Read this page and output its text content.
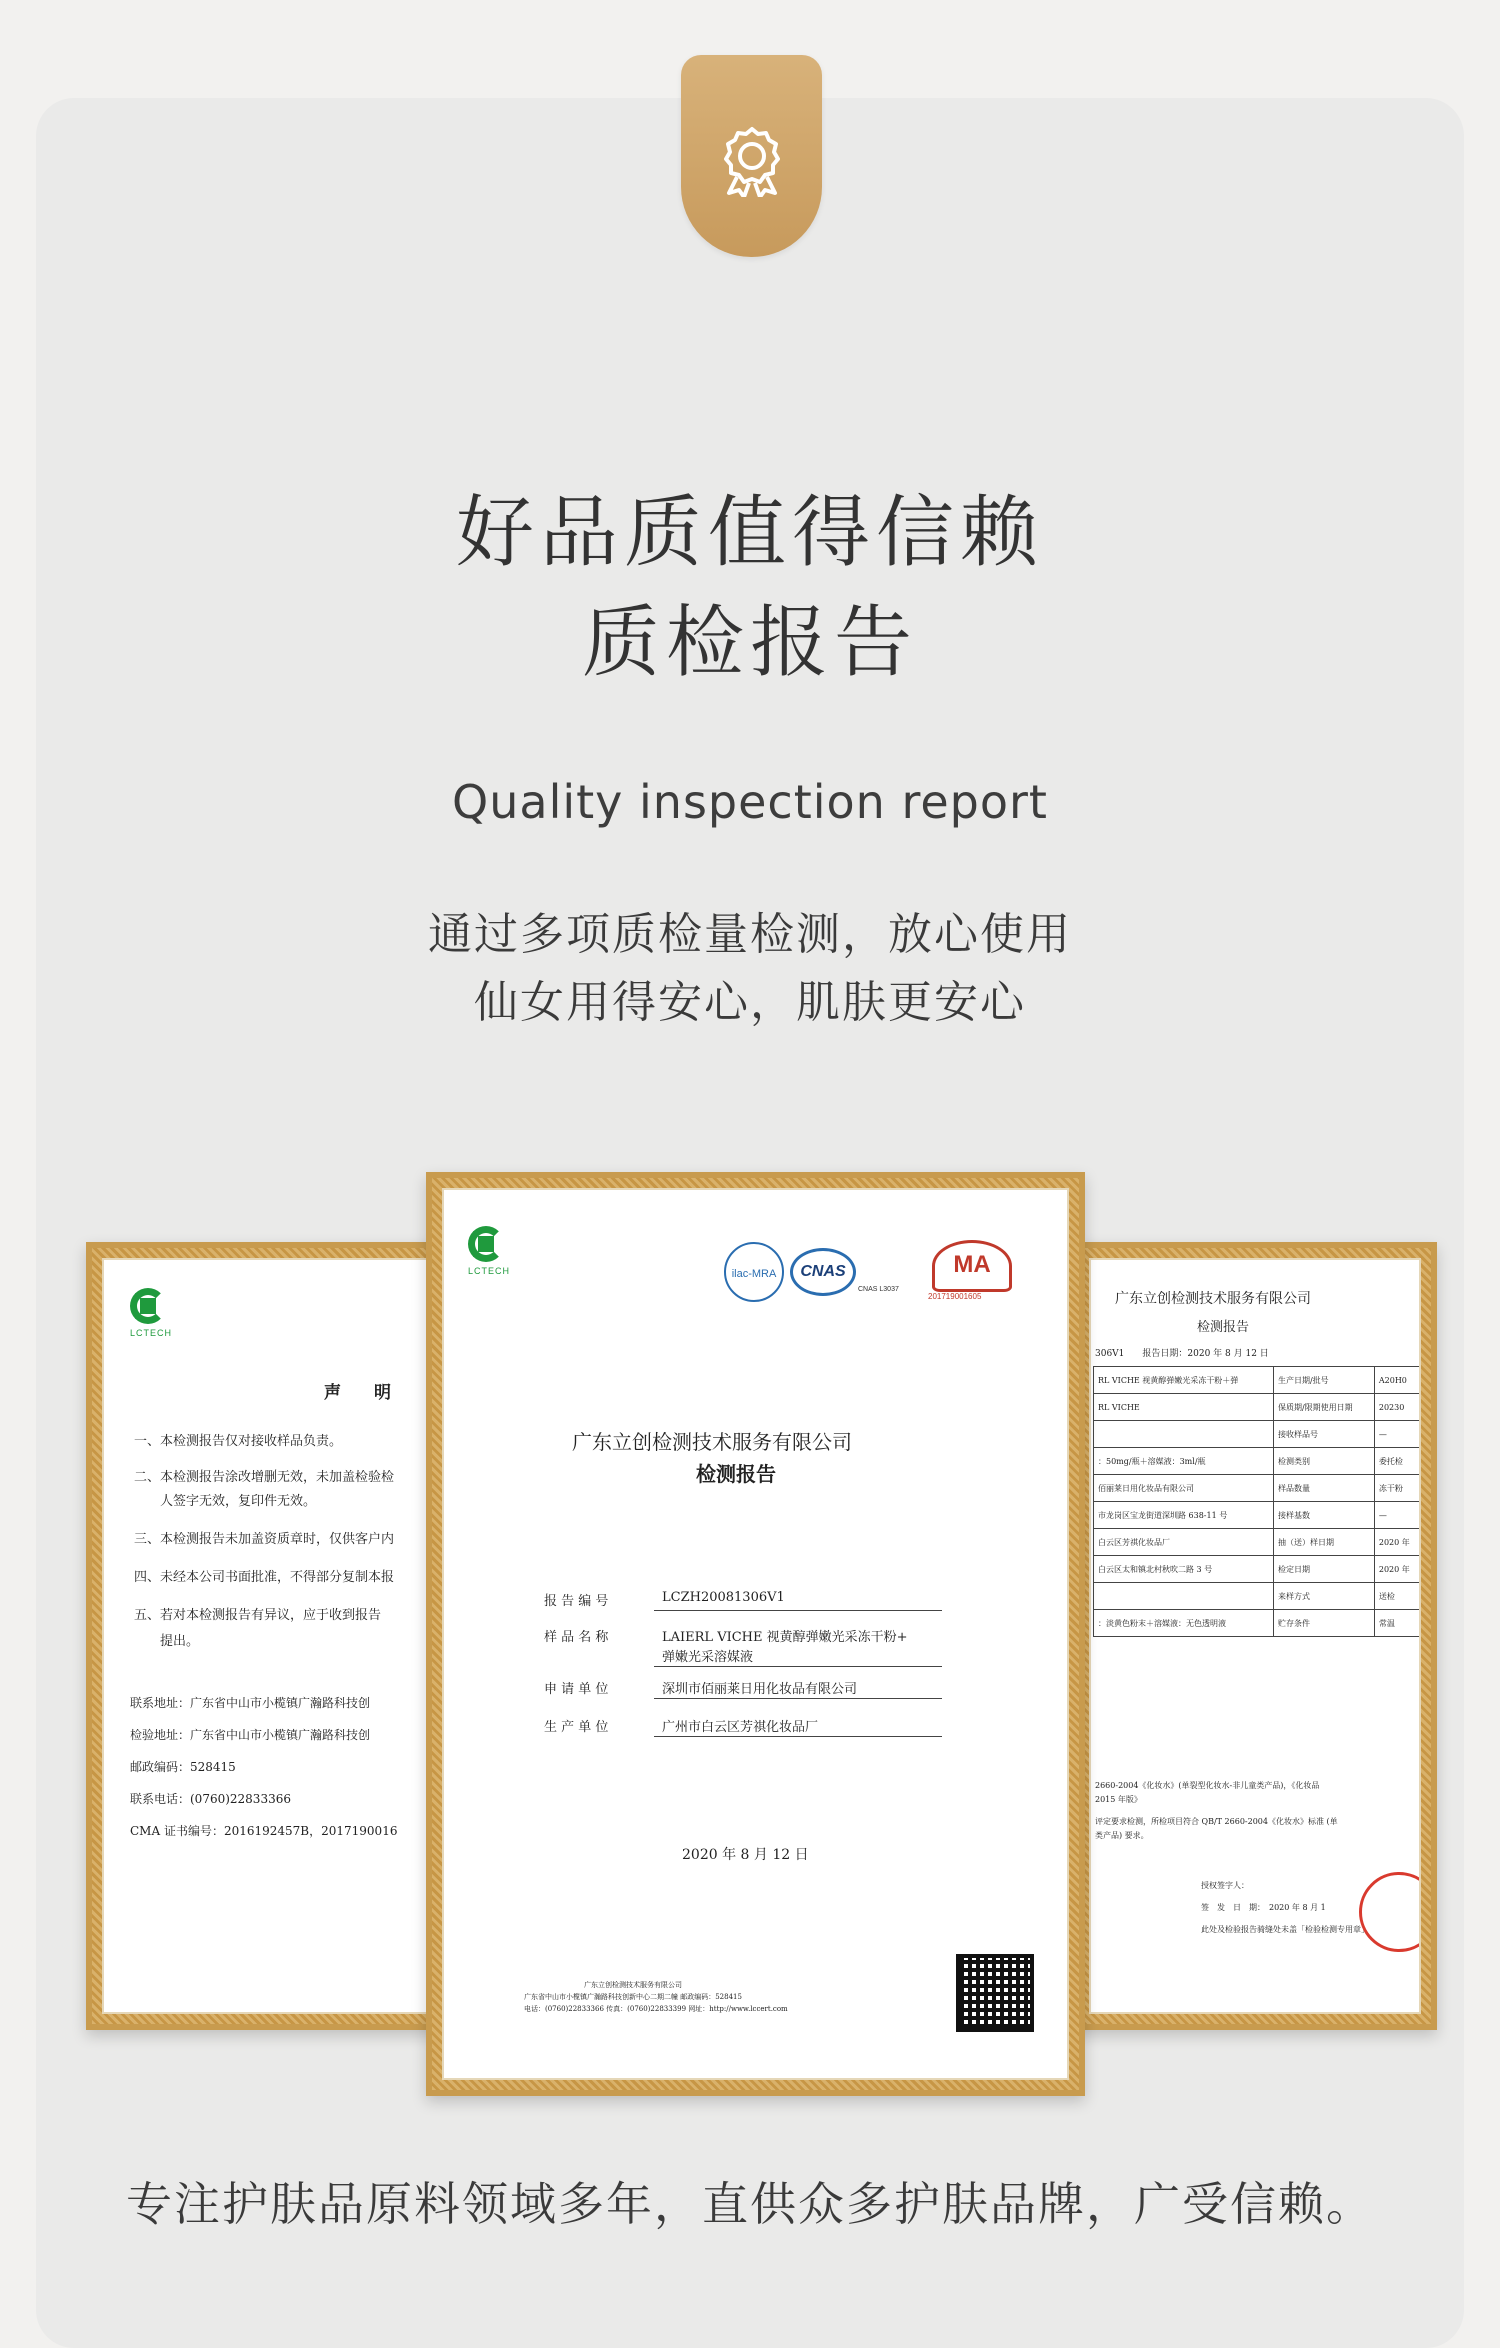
好品质值得信赖
质检报告
Quality inspection report
通过多项质检量检测，放心使用
仙女用得安心，肌肤更安心
LCTECH
声　明
一、本检测报告仅对接收样品负责。
二、本检测报告涂改增删无效，未加盖检验检
　　人签字无效，复印件无效。
三、本检测报告未加盖资质章时，仅供客户内
四、未经本公司书面批准，不得部分复制本报
五、若对本检测报告有异议，应于收到报告
　　提出。
联系地址：广东省中山市小榄镇广瀚路科技创
检验地址：广东省中山市小榄镇广瀚路科技创
邮政编码：528415
联系电话：(0760)22833366
CMA 证书编号：2016192457B，2017190016
广东立创检测技术服务有限公司
检测报告
306V1　　报告日期：2020 年 8 月 12 日
RL VICHE 视黄醇弹嫩光采冻干粉＋弹	生产日期/批号	A20H0
RL VICHE	保质期/限期使用日期	20230
	接收样品号	—
：50mg/瓶＋溶媒液：3ml/瓶	检测类别	委托检
佰丽莱日用化妆品有限公司	样品数量	冻干粉
市龙岗区宝龙街道深圳路 638-11 号	接样基数	—
白云区芳祺化妆品厂	抽（送）样日期	2020 年
白云区太和镇北村秋吹二路 3 号	检定日期	2020 年
	来样方式	送检
：淡黄色粉末＋溶媒液：无色透明液	贮存条件	常温
2660-2004《化妆水》(单裂型化妆水-非儿童类产品)，《化妆品
2015 年版》
评定要求检测，所检项目符合 QB/T 2660-2004《化妆水》标准 (单
类产品) 要求。
授权签字人：
签　发　日　期：　2020 年 8 月 1
此处及检验报告骑缝处未盖「检验检测专用章」
LCTECH	ilac-MRA	CNAS
CNAS L3037
MA
201719001605
广东立创检测技术服务有限公司
检测报告
报 告 编 号	LCZH20081306V1
样 品 名 称	LAIERL VICHE 视黄醇弹嫩光采冻干粉+
弹嫩光采溶媒液
申 请 单 位	深圳市佰丽莱日用化妆品有限公司
生 产 单 位	广州市白云区芳祺化妆品厂
2020 年 8 月 12 日
广东立创检测技术服务有限公司
广东省中山市小榄镇广瀚路科技创新中心二期二幢 邮政编码：528415
电话：(0760)22833366 传真：(0760)22833399 网址：http://www.lccert.com
专注护肤品原料领域多年，直供众多护肤品牌，广受信赖。
